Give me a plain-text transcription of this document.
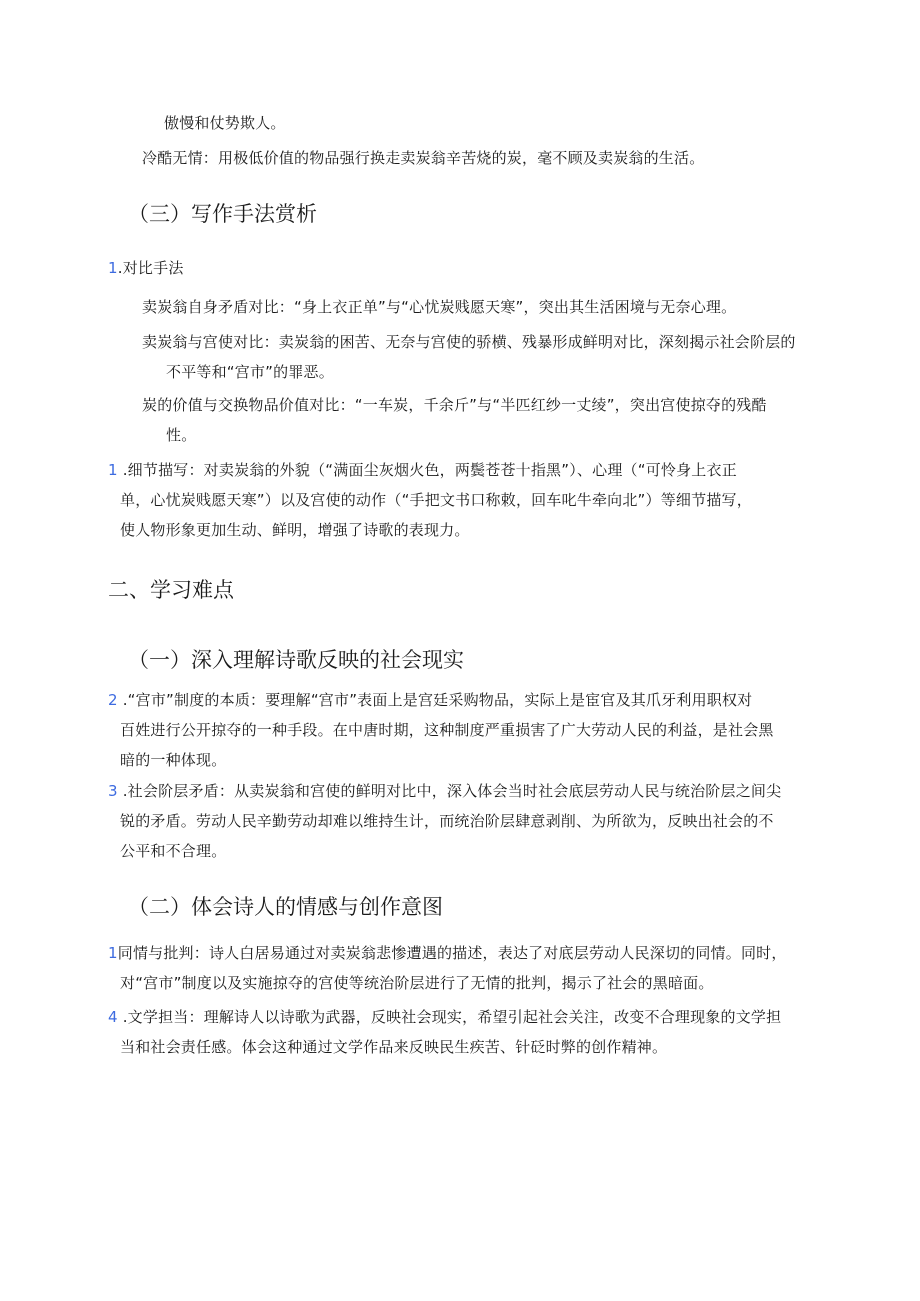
傲慢和仗势欺人。
冷酷无情：用极低价值的物品强行换走卖炭翁辛苦烧的炭，毫不顾及卖炭翁的生活。
（三）写作手法赏析
1.对比手法
卖炭翁自身矛盾对比：“身上衣正单”与“心忧炭贱愿天寒”，突出其生活困境与无奈心理。
卖炭翁与宫使对比：卖炭翁的困苦、无奈与宫使的骄横、残暴形成鲜明对比，深刻揭示社会阶层的
不平等和“宫市”的罪恶。
炭的价值与交换物品价值对比：“一车炭，千余斤”与“半匹红纱一丈绫”，突出宫使掠夺的残酷
性。
1 .细节描写：对卖炭翁的外貌（“满面尘灰烟火色，两鬓苍苍十指黑”）、心理（“可怜身上衣正
单，心忧炭贱愿天寒”）以及宫使的动作（“手把文书口称敕，回车叱牛牵向北”）等细节描写，
使人物形象更加生动、鲜明，增强了诗歌的表现力。
二、学习难点
（一）深入理解诗歌反映的社会现实
2 .“宫市”制度的本质：要理解“宫市”表面上是宫廷采购物品，实际上是宦官及其爪牙利用职权对
百姓进行公开掠夺的一种手段。在中唐时期，这种制度严重损害了广大劳动人民的利益，是社会黑
暗的一种体现。
3 .社会阶层矛盾：从卖炭翁和宫使的鲜明对比中，深入体会当时社会底层劳动人民与统治阶层之间尖
锐的矛盾。劳动人民辛勤劳动却难以维持生计，而统治阶层肆意剥削、为所欲为，反映出社会的不
公平和不合理。
（二）体会诗人的情感与创作意图
1同情与批判：诗人白居易通过对卖炭翁悲惨遭遇的描述，表达了对底层劳动人民深切的同情。同时，
对“宫市”制度以及实施掠夺的宫使等统治阶层进行了无情的批判，揭示了社会的黑暗面。
4 .文学担当：理解诗人以诗歌为武器，反映社会现实，希望引起社会关注，改变不合理现象的文学担
当和社会责任感。体会这种通过文学作品来反映民生疾苦、针砭时弊的创作精神。
